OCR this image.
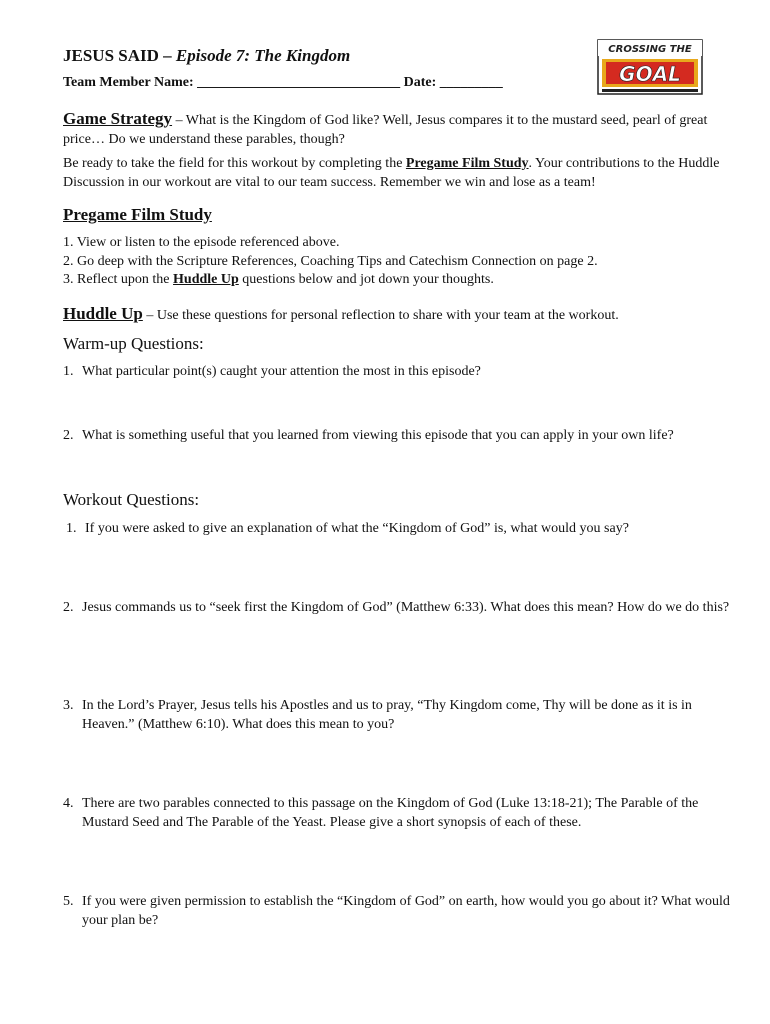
JESUS SAID – Episode 7: The Kingdom
Team Member Name: _____________________________ Date: _________
CROSSING THE
GOAL
Game Strategy – What is the Kingdom of God like? Well, Jesus compares it to the mustard seed, pearl of great price… Do we understand these parables, though?
Be ready to take the field for this workout by completing the Pregame Film Study. Your contributions to the Huddle Discussion in our workout are vital to our team success. Remember we win and lose as a team!
Pregame Film Study
1. View or listen to the episode referenced above.
2. Go deep with the Scripture References, Coaching Tips and Catechism Connection on page 2.
3. Reflect upon the Huddle Up questions below and jot down your thoughts.
Huddle Up – Use these questions for personal reflection to share with your team at the workout.
Warm-up Questions:
1. What particular point(s) caught your attention the most in this episode?
2. What is something useful that you learned from viewing this episode that you can apply in your own life?
Workout Questions:
1. If you were asked to give an explanation of what the “Kingdom of God” is, what would you say?
2. Jesus commands us to “seek first the Kingdom of God” (Matthew 6:33). What does this mean? How do we do this?
3. In the Lord’s Prayer, Jesus tells his Apostles and us to pray, “Thy Kingdom come, Thy will be done as it is in Heaven.” (Matthew 6:10). What does this mean to you?
4. There are two parables connected to this passage on the Kingdom of God (Luke 13:18-21); The Parable of the Mustard Seed and The Parable of the Yeast. Please give a short synopsis of each of these.
5. If you were given permission to establish the “Kingdom of God” on earth, how would you go about it? What would your plan be?
